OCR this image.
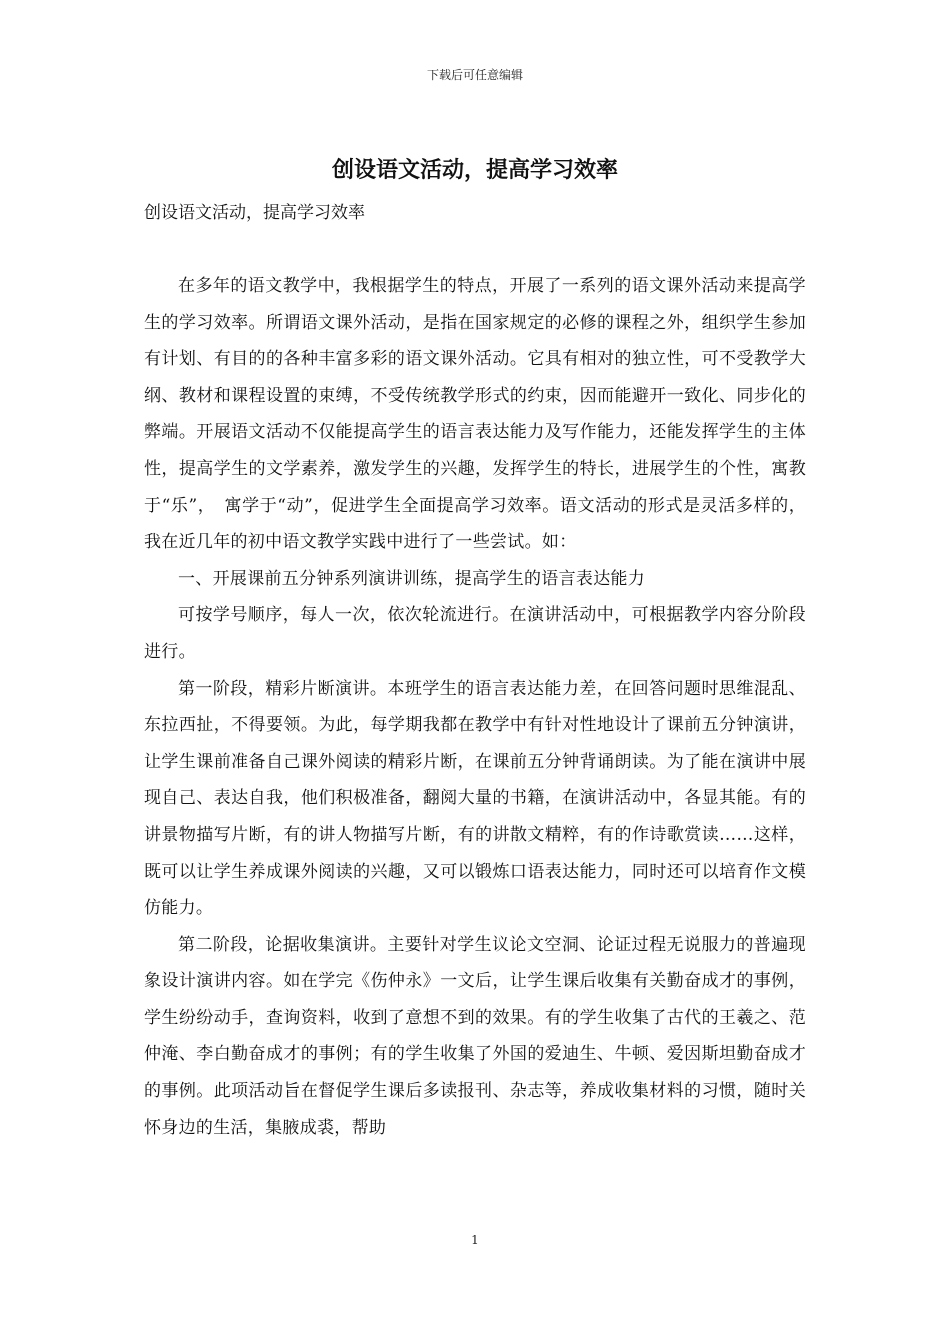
下载后可任意编辑
创设语文活动，提高学习效率

创设语文活动，提高学习效率

在多年的语文教学中，我根据学生的特点，开展了一系列的语文课外活动来提高学生的学习效率。所谓语文课外活动，是指在国家规定的必修的课程之外，组织学生参加有计划、有目的的各种丰富多彩的语文课外活动。它具有相对的独立性，可不受教学大纲、教材和课程设置的束缚，不受传统教学形式的约束，因而能避开一致化、同步化的弊端。开展语文活动不仅能提高学生的语言表达能力及写作能力，还能发挥学生的主体性，提高学生的文学素养，激发学生的兴趣，发挥学生的特长，进展学生的个性，寓教于“乐”，　寓学于“动”，促进学生全面提高学习效率。语文活动的形式是灵活多样的，我在近几年的初中语文教学实践中进行了一些尝试。如：

一、开展课前五分钟系列演讲训练，提高学生的语言表达能力

可按学号顺序，每人一次，依次轮流进行。在演讲活动中，可根据教学内容分阶段进行。

第一阶段，精彩片断演讲。本班学生的语言表达能力差，在回答问题时思维混乱、东拉西扯，不得要领。为此，每学期我都在教学中有针对性地设计了课前五分钟演讲，让学生课前准备自己课外阅读的精彩片断，在课前五分钟背诵朗读。为了能在演讲中展现自己、表达自我，他们积极准备，翻阅大量的书籍，在演讲活动中，各显其能。有的讲景物描写片断，有的讲人物描写片断，有的讲散文精粹，有的作诗歌赏读……这样，既可以让学生养成课外阅读的兴趣，又可以锻炼口语表达能力，同时还可以培育作文模仿能力。

第二阶段，论据收集演讲。主要针对学生议论文空洞、论证过程无说服力的普遍现象设计演讲内容。如在学完《伤仲永》一文后，让学生课后收集有关勤奋成才的事例，学生纷纷动手，查询资料，收到了意想不到的效果。有的学生收集了古代的王羲之、范仲淹、李白勤奋成才的事例；有的学生收集了外国的爱迪生、牛顿、爱因斯坦勤奋成才的事例。此项活动旨在督促学生课后多读报刊、杂志等，养成收集材料的习惯，随时关怀身边的生活，集腋成裘，帮助

1
